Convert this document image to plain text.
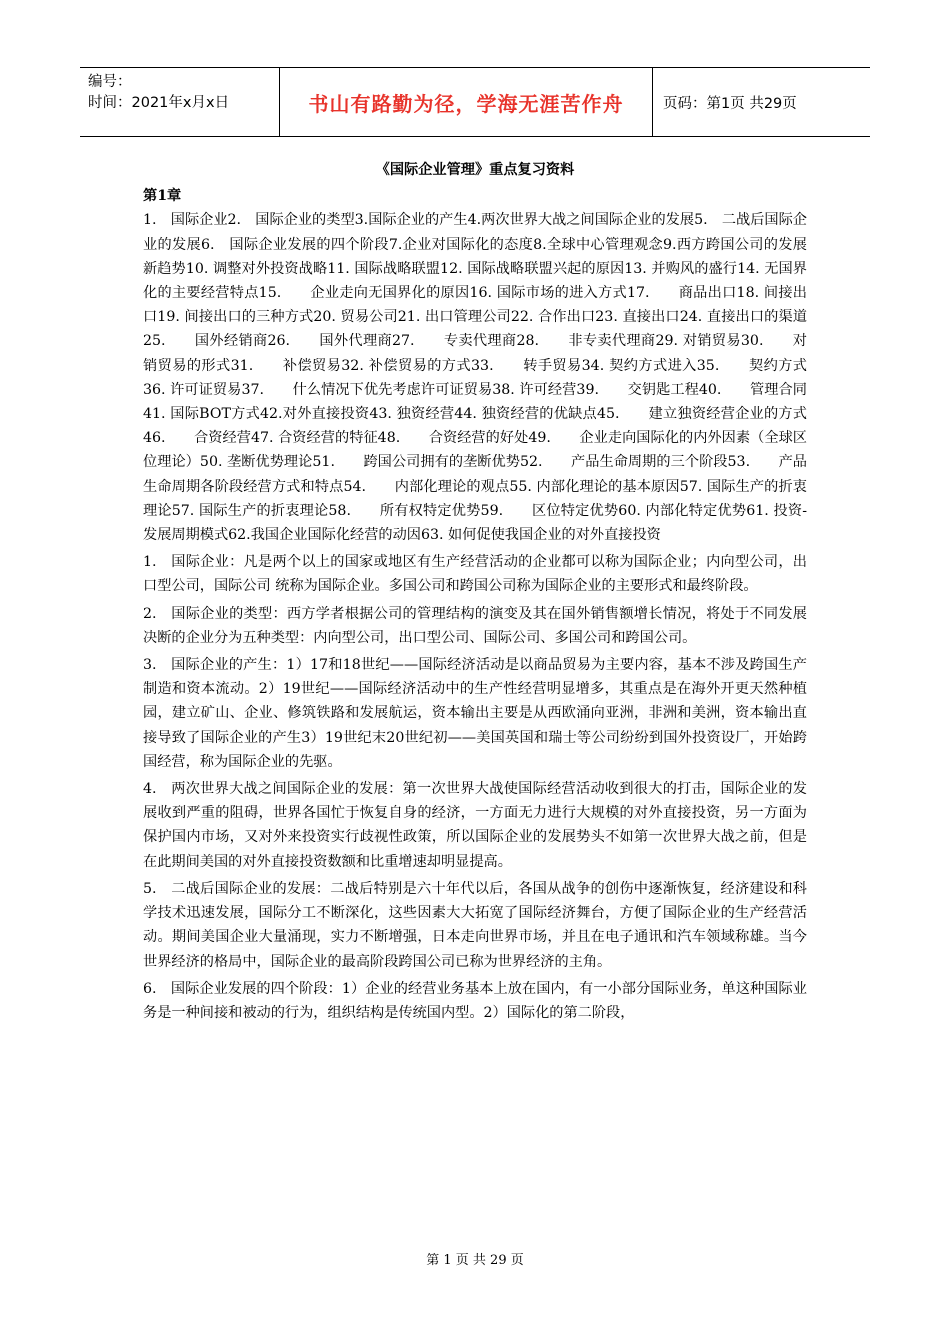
编号：
时间：2021年x月x日	书山有路勤为径，学海无涯苦作舟	页码：第1页 共29页

《国际企业管理》重点复习资料

第1章

1.　国际企业2.　国际企业的类型3.国际企业的产生4.两次世界大战之间国际企业的发展5.　二战后国际企业的发展6.　国际企业发展的四个阶段7.企业对国际化的态度8.全球中心管理观念9.西方跨国公司的发展新趋势10. 调整对外投资战略11. 国际战略联盟12. 国际战略联盟兴起的原因13. 并购风的盛行14. 无国界化的主要经营特点15.　　企业走向无国界化的原因16. 国际市场的进入方式17.　　商品出口18. 间接出口19. 间接出口的三种方式20. 贸易公司21. 出口管理公司22. 合作出口23. 直接出口24. 直接出口的渠道25.　　国外经销商26.　　国外代理商27.　　专卖代理商28.　　非专卖代理商29. 对销贸易30.　　对销贸易的形式31.　　补偿贸易32. 补偿贸易的方式33.　　转手贸易34. 契约方式进入35.　　契约方式36. 许可证贸易37.　　什么情况下优先考虑许可证贸易38. 许可经营39.　　交钥匙工程40.　　管理合同41. 国际BOT方式42.对外直接投资43. 独资经营44. 独资经营的优缺点45.　　建立独资经营企业的方式46.　　合资经营47. 合资经营的特征48.　　合资经营的好处49.　　企业走向国际化的内外因素（全球区位理论）50. 垄断优势理论51.　　跨国公司拥有的垄断优势52.　　产品生命周期的三个阶段53.　　产品生命周期各阶段经营方式和特点54.　　内部化理论的观点55. 内部化理论的基本原因57. 国际生产的折衷理论57. 国际生产的折衷理论58.　　所有权特定优势59.　　区位特定优势60. 内部化特定优势61. 投资-发展周期模式62.我国企业国际化经营的动因63. 如何促使我国企业的对外直接投资

1.　国际企业：凡是两个以上的国家或地区有生产经营活动的企业都可以称为国际企业；内向型公司，出口型公司，国际公司 统称为国际企业。多国公司和跨国公司称为国际企业的主要形式和最终阶段。

2.　国际企业的类型：西方学者根据公司的管理结构的演变及其在国外销售额增长情况，将处于不同发展决断的企业分为五种类型：内向型公司，出口型公司、国际公司、多国公司和跨国公司。

3.　国际企业的产生：1）17和18世纪——国际经济活动是以商品贸易为主要内容，基本不涉及跨国生产制造和资本流动。2）19世纪——国际经济活动中的生产性经营明显增多，其重点是在海外开更天然种植园，建立矿山、企业、修筑铁路和发展航运，资本输出主要是从西欧涌向亚洲，非洲和美洲，资本输出直接导致了国际企业的产生3）19世纪末20世纪初——美国英国和瑞士等公司纷纷到国外投资设厂，开始跨国经营，称为国际企业的先驱。

4.　两次世界大战之间国际企业的发展：第一次世界大战使国际经营活动收到很大的打击，国际企业的发展收到严重的阻碍，世界各国忙于恢复自身的经济，一方面无力进行大规模的对外直接投资，另一方面为保护国内市场，又对外来投资实行歧视性政策，所以国际企业的发展势头不如第一次世界大战之前，但是在此期间美国的对外直接投资数额和比重增速却明显提高。

5.　二战后国际企业的发展：二战后特别是六十年代以后，各国从战争的创伤中逐渐恢复，经济建设和科学技术迅速发展，国际分工不断深化，这些因素大大拓宽了国际经济舞台，方便了国际企业的生产经营活动。期间美国企业大量涌现，实力不断增强，日本走向世界市场，并且在电子通讯和汽车领域称雄。当今世界经济的格局中，国际企业的最高阶段跨国公司已称为世界经济的主角。

6.　国际企业发展的四个阶段：1）企业的经营业务基本上放在国内，有一小部分国际业务，单这种国际业务是一种间接和被动的行为，组织结构是传统国内型。2）国际化的第二阶段，

第 1 页 共 29 页
